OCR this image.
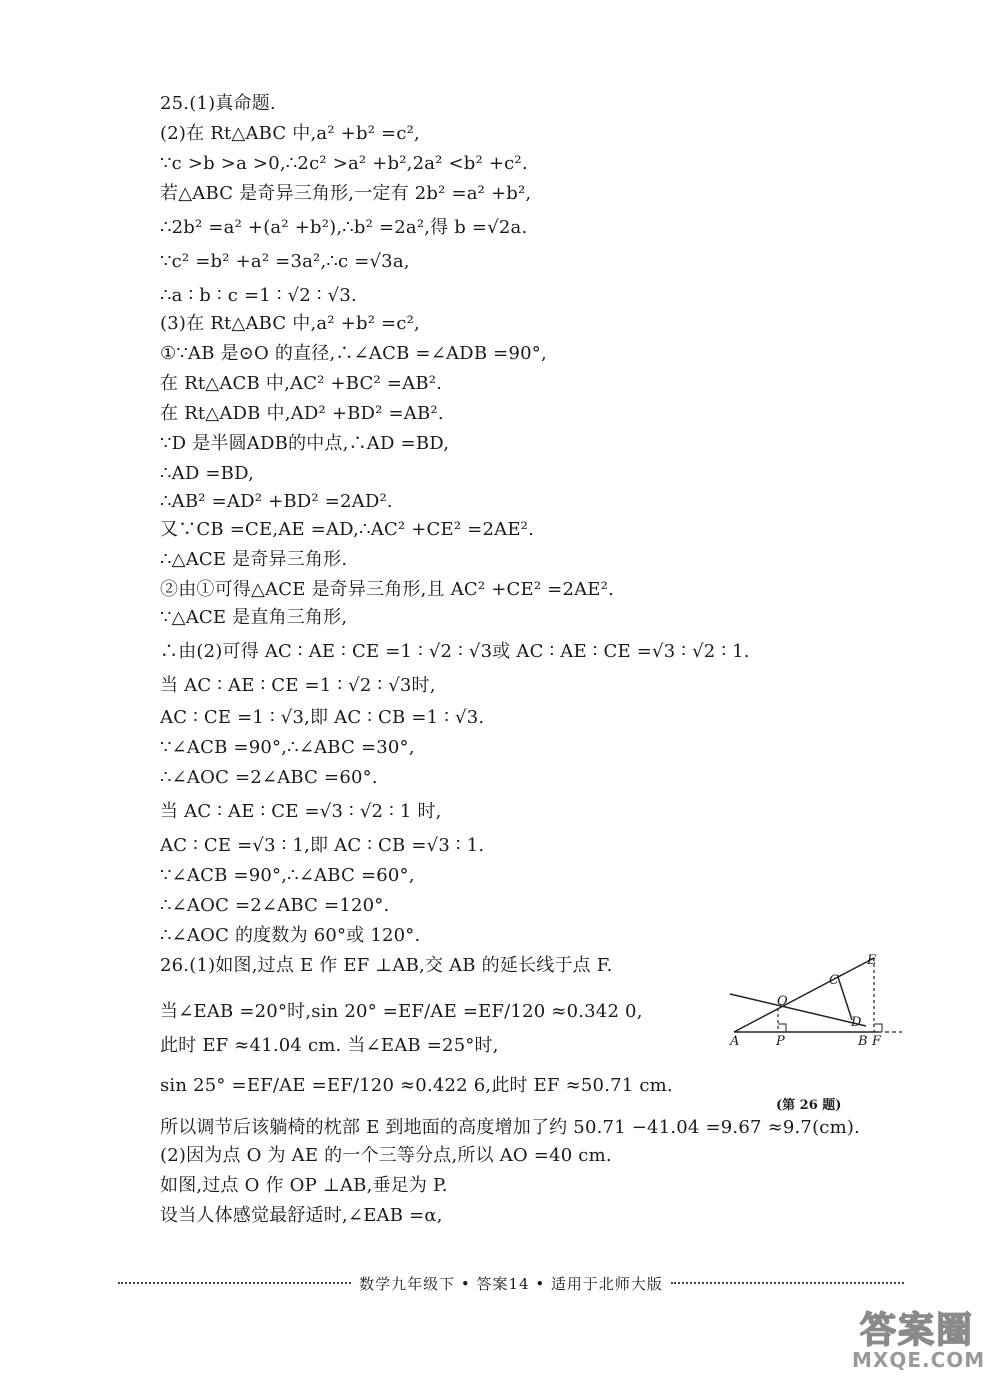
25.(1)真命题.
(2)在 Rt△ABC 中,a² +b² =c²,
∵c >b >a >0,∴2c² >a² +b²,2a² <b² +c².
若△ABC 是奇异三角形,一定有 2b² =a² +b²,
∴2b² =a² +(a² +b²),∴b² =2a²,得 b =√2a.
∵c² =b² +a² =3a²,∴c =√3a,
∴a ∶ b ∶ c =1 ∶ √2 ∶ √3.
(3)在 Rt△ABC 中,a² +b² =c²,
①∵AB 是⊙O 的直径,∴∠ACB =∠ADB =90°,
在 Rt△ACB 中,AC² +BC² =AB².
在 Rt△ADB 中,AD² +BD² =AB².
∵D 是半圆ADB的中点,∴AD =BD,
∴AD =BD,
∴AB² =AD² +BD² =2AD².
又∵CB =CE,AE =AD,∴AC² +CE² =2AE².
∴△ACE 是奇异三角形.
②由①可得△ACE 是奇异三角形,且 AC² +CE² =2AE².
∵△ACE 是直角三角形,
∴由(2)可得 AC ∶ AE ∶ CE =1 ∶ √2 ∶ √3或 AC ∶ AE ∶ CE =√3 ∶ √2 ∶ 1.
当 AC ∶ AE ∶ CE =1 ∶ √2 ∶ √3时,
AC ∶ CE =1 ∶ √3,即 AC ∶ CB =1 ∶ √3.
∵∠ACB =90°,∴∠ABC =30°,
∴∠AOC =2∠ABC =60°.
当 AC ∶ AE ∶ CE =√3 ∶ √2 ∶ 1 时,
AC ∶ CE =√3 ∶ 1,即 AC ∶ CB =√3 ∶ 1.
∵∠ACB =90°,∴∠ABC =60°,
∴∠AOC =2∠ABC =120°.
∴∠AOC 的度数为 60°或 120°.
26.(1)如图,过点 E 作 EF ⊥AB,交 AB 的延长线于点 F.
当∠EAB =20°时,sin 20° =EF/AE =EF/120 ≈0.342 0,
此时 EF ≈41.04 cm. 当∠EAB =25°时,
sin 25° =EF/AE =EF/120 ≈0.422 6,此时 EF ≈50.71 cm.
所以调节后该躺椅的枕部 E 到地面的高度增加了约 50.71 −41.04 =9.67 ≈9.7(cm).
(2)因为点 O 为 AE 的一个三等分点,所以 AO =40 cm.
如图,过点 O 作 OP ⊥AB,垂足为 P.
设当人体感觉最舒适时,∠EAB =α,
E
C′
O
D
A	P	B F
(第 26 题)
数学九年级下 • 答案14 • 适用于北师大版
答案圈
MXQE.COM
